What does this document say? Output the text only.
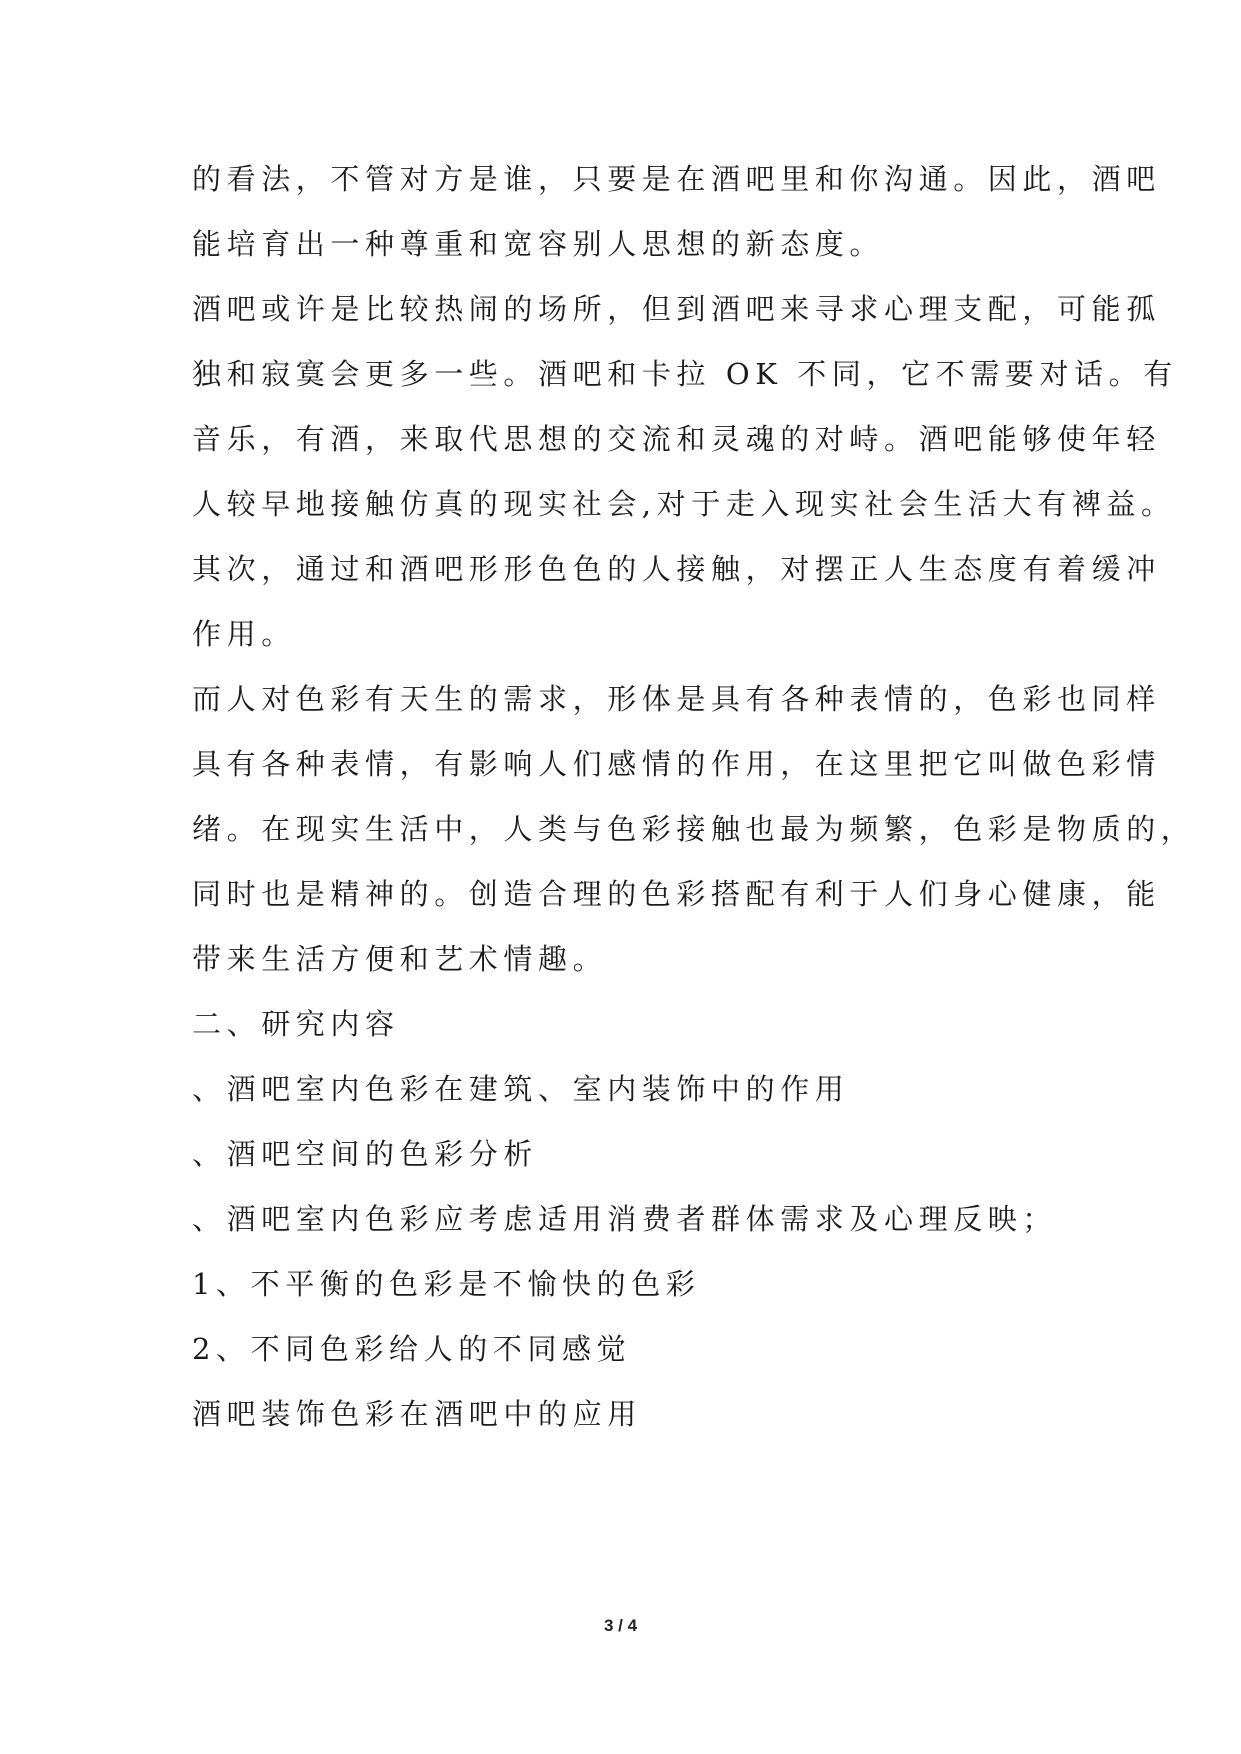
的看法，不管对方是谁，只要是在酒吧里和你沟通。因此，酒吧
能培育出一种尊重和宽容别人思想的新态度。
酒吧或许是比较热闹的场所，但到酒吧来寻求心理支配，可能孤
独和寂寞会更多一些。酒吧和卡拉 OK 不同，它不需要对话。有
音乐，有酒，来取代思想的交流和灵魂的对峙。酒吧能够使年轻
人较早地接触仿真的现实社会,对于走入现实社会生活大有裨益。
其次，通过和酒吧形形色色的人接触，对摆正人生态度有着缓冲
作用。
而人对色彩有天生的需求，形体是具有各种表情的，色彩也同样
具有各种表情，有影响人们感情的作用，在这里把它叫做色彩情
绪。在现实生活中，人类与色彩接触也最为频繁，色彩是物质的，
同时也是精神的。创造合理的色彩搭配有利于人们身心健康，能
带来生活方便和艺术情趣。
二、研究内容
、酒吧室内色彩在建筑、室内装饰中的作用
、酒吧空间的色彩分析
、酒吧室内色彩应考虑适用消费者群体需求及心理反映；
1、不平衡的色彩是不愉快的色彩
2、不同色彩给人的不同感觉
酒吧装饰色彩在酒吧中的应用
3 / 4
